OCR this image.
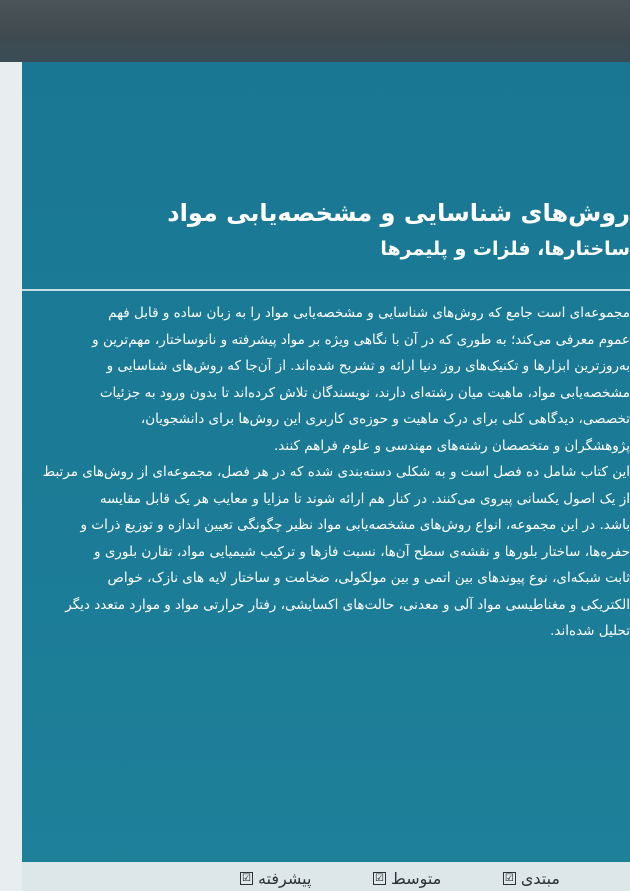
روش‌های شناسایی و مشخصه‌یابی مواد
ساختارها، فلزات و پلیمرها
مجموعه‌ای است جامع که روش‌های شناسایی و مشخصه‌یابی مواد را به زبان ساده و قابل فهم
عموم معرفی می‌کند؛ به طوری که در آن با نگاهی ویژه بر مواد پیشرفته و نانوساختار، مهم‌ترین و
به‌روزترین ابزارها و تکنیک‌های روز دنیا ارائه و تشریح شده‌اند. از آن‌جا که روش‌های شناسایی و
مشخصه‌یابی مواد، ماهیت میان رشته‌ای دارند، نویسندگان تلاش کرده‌اند تا بدون ورود به جزئیات
تخصصی، دیدگاهی کلی برای درک ماهیت و حوزه‌ی کاربری این روش‌ها برای دانشجویان،
پژوهشگران و متخصصان رشته‌های مهندسی و علوم فراهم کنند.
این کتاب شامل ده فصل است و به شکلی دسته‌بندی شده که در هر فصل، مجموعه‌ای از روش‌های مرتبط
از یک اصول یکسانی پیروی می‌کنند. در کنار هم ارائه شوند تا مزایا و معایب هر یک قابل مقایسه
باشد. در این مجموعه، انواع روش‌های مشخصه‌یابی مواد نظیر چگونگی تعیین اندازه و توزیع ذرات و
حفره‌ها، ساختار بلورها و نقشه‌ی سطح آن‌ها، نسبت فازها و ترکیب شیمیایی مواد، تقارن بلوری و
ثابت شبکه‌ای، نوع پیوندهای بین اتمی و بین مولکولی، ضخامت و ساختار لایه‌ های نازک، خواص
الکتریکی و مغناطیسی مواد آلی و معدنی، حالت‌های اکسایشی، رفتار حرارتی مواد و موارد متعدد دیگر
تحلیل شده‌اند.
مبتدی
☑
متوسط
☑
پیشرفته
☑
